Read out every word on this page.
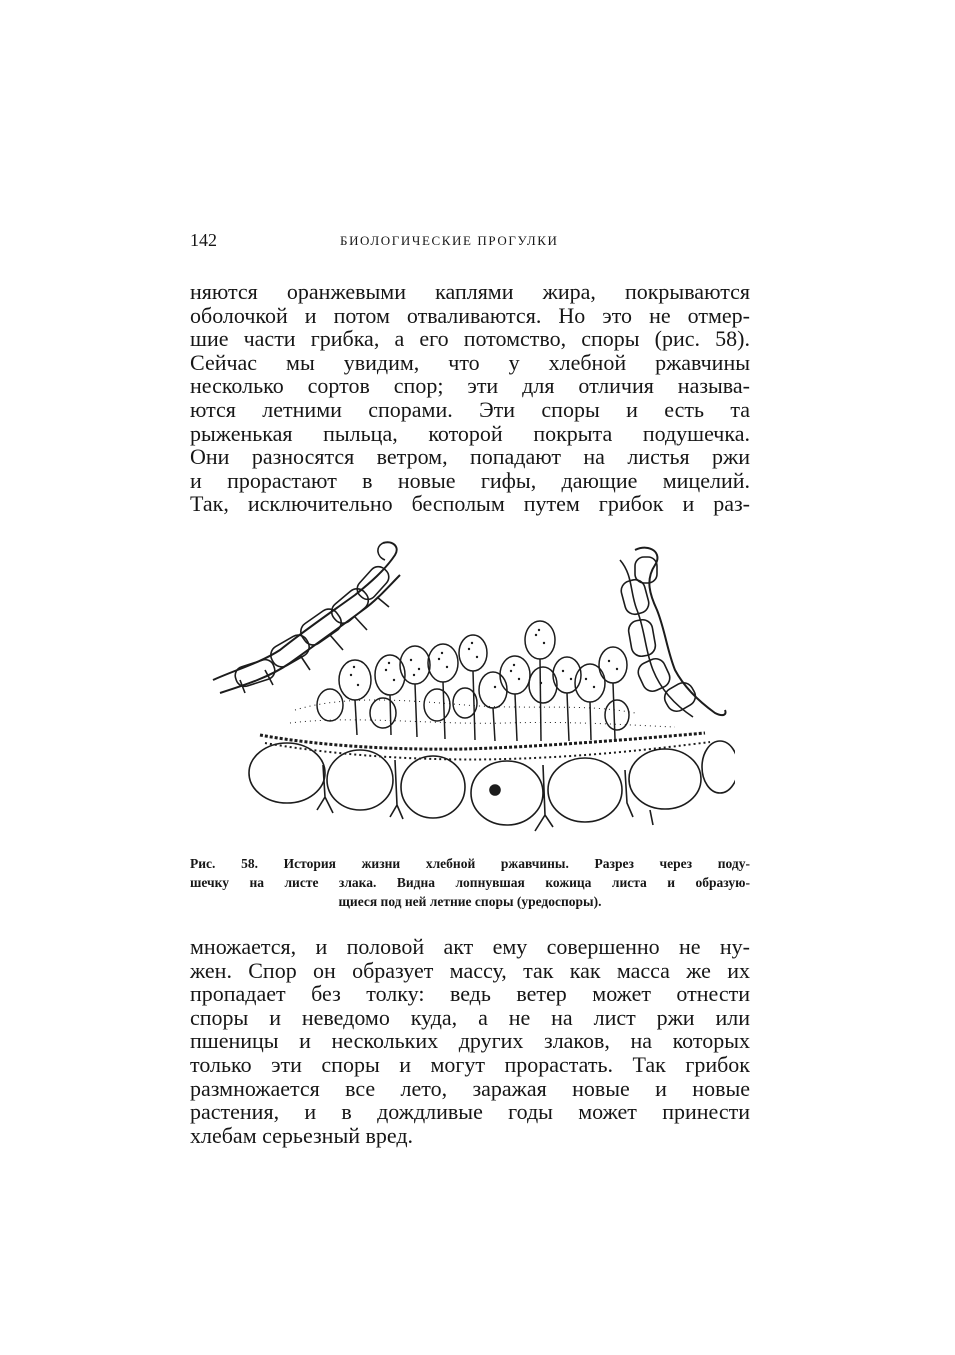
142	БИОЛОГИЧЕСКИЕ ПРОГУЛКИ
няются оранжевыми каплями жира, покрываются
оболочкой и потом отваливаются. Но это не отмер-
шие части грибка, а его потомство, споры (рис. 58).
Сейчас мы увидим, что у хлебной ржавчины
несколько сортов спор; эти для отличия называ-
ются летними спорами. Эти споры и есть та
рыженькая пыльца, которой покрыта подушечка.
Они разносятся ветром, попадают на листья ржи
и прорастают в новые гифы, дающие мицелий.
Так, исключительно бесполым путем грибок и раз-
Рис. 58. История жизни хлебной ржавчины. Разрез через поду-
шечку на листе злака. Видна лопнувшая кожица листа и образую-
щиеся под ней летние споры (уредоспоры).
множается, и половой акт ему совершенно не ну-
жен. Спор он образует массу, так как масса же их
пропадает без толку: ведь ветер может отнести
споры и неведомо куда, а не на лист ржи или
пшеницы и нескольких других злаков, на которых
только эти споры и могут прорастать. Так грибок
размножается все лето, заражая новые и новые
растения, и в дождливые годы может принести
хлебам серьезный вред.
